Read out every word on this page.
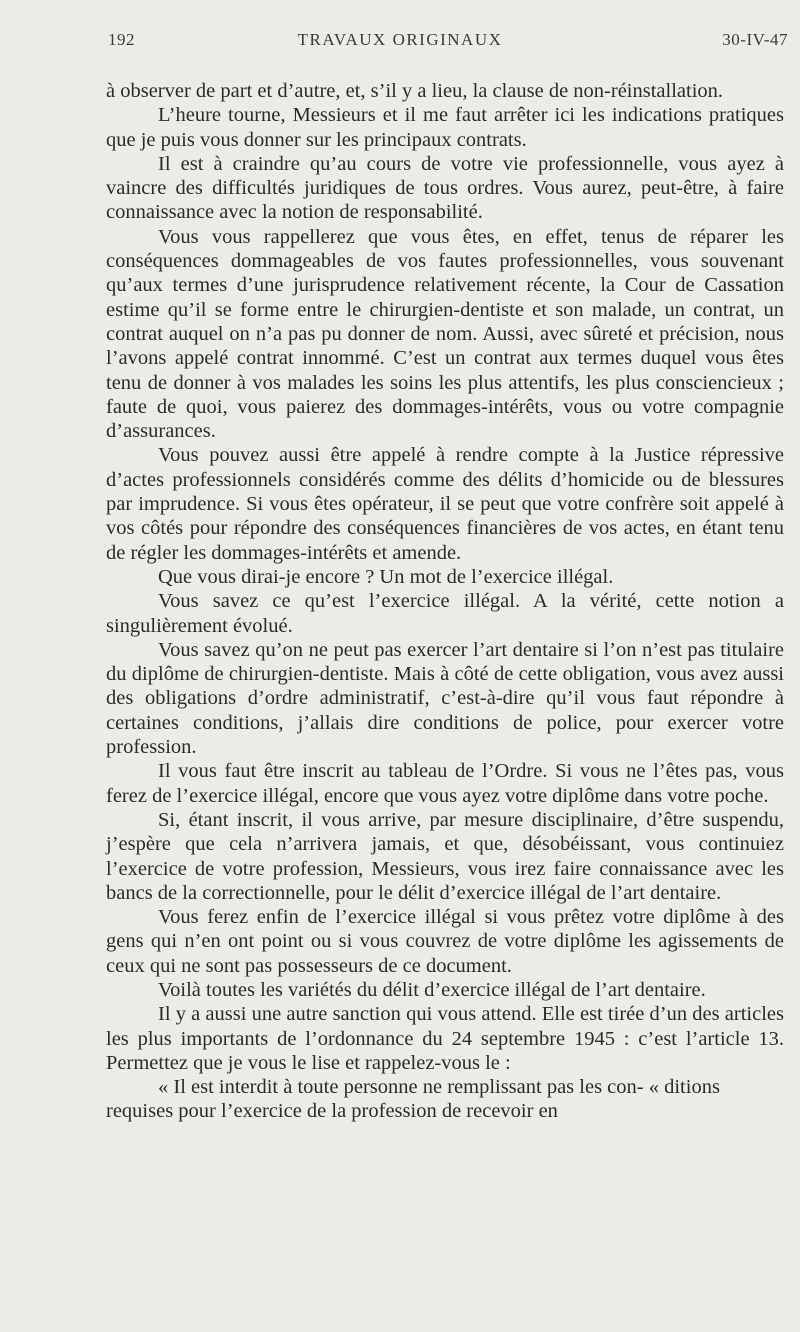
192	TRAVAUX ORIGINAUX	30-IV-47

à observer de part et d’autre, et, s’il y a lieu, la clause de non-réinstallation.

L’heure tourne, Messieurs et il me faut arrêter ici les indications pratiques que je puis vous donner sur les principaux contrats.

Il est à craindre qu’au cours de votre vie professionnelle, vous ayez à vaincre des difficultés juridiques de tous ordres. Vous aurez, peut-être, à faire connaissance avec la notion de responsabilité.

Vous vous rappellerez que vous êtes, en effet, tenus de réparer les conséquences dommageables de vos fautes professionnelles, vous souvenant qu’aux termes d’une jurisprudence relativement récente, la Cour de Cassation estime qu’il se forme entre le chirurgien-dentiste et son malade, un contrat, un contrat auquel on n’a pas pu donner de nom. Aussi, avec sûreté et précision, nous l’avons appelé contrat innommé. C’est un contrat aux termes duquel vous êtes tenu de donner à vos malades les soins les plus attentifs, les plus consciencieux ; faute de quoi, vous paierez des dommages-intérêts, vous ou votre compagnie d’assurances.

Vous pouvez aussi être appelé à rendre compte à la Justice répressive d’actes professionnels considérés comme des délits d’homicide ou de blessures par imprudence. Si vous êtes opérateur, il se peut que votre confrère soit appelé à vos côtés pour répondre des conséquences financières de vos actes, en étant tenu de régler les dommages-intérêts et amende.

Que vous dirai-je encore ? Un mot de l’exercice illégal.

Vous savez ce qu’est l’exercice illégal. A la vérité, cette notion a singulièrement évolué.

Vous savez qu’on ne peut pas exercer l’art dentaire si l’on n’est pas titulaire du diplôme de chirurgien-dentiste. Mais à côté de cette obligation, vous avez aussi des obligations d’ordre administratif, c’est-à-dire qu’il vous faut répondre à certaines conditions, j’allais dire conditions de police, pour exercer votre profession.

Il vous faut être inscrit au tableau de l’Ordre. Si vous ne l’êtes pas, vous ferez de l’exercice illégal, encore que vous ayez votre diplôme dans votre poche.

Si, étant inscrit, il vous arrive, par mesure disciplinaire, d’être suspendu, j’espère que cela n’arrivera jamais, et que, désobéissant, vous continuiez l’exercice de votre profession, Messieurs, vous irez faire connaissance avec les bancs de la correctionnelle, pour le délit d’exercice illégal de l’art dentaire.

Vous ferez enfin de l’exercice illégal si vous prêtez votre diplôme à des gens qui n’en ont point ou si vous couvrez de votre diplôme les agissements de ceux qui ne sont pas possesseurs de ce document.

Voilà toutes les variétés du délit d’exercice illégal de l’art dentaire.

Il y a aussi une autre sanction qui vous attend. Elle est tirée d’un des articles les plus importants de l’ordonnance du 24 septembre 1945 : c’est l’article 13. Permettez que je vous le lise et rappelez-vous le :

« Il est interdit à toute personne ne remplissant pas les con- « ditions requises pour l’exercice de la profession de recevoir en
